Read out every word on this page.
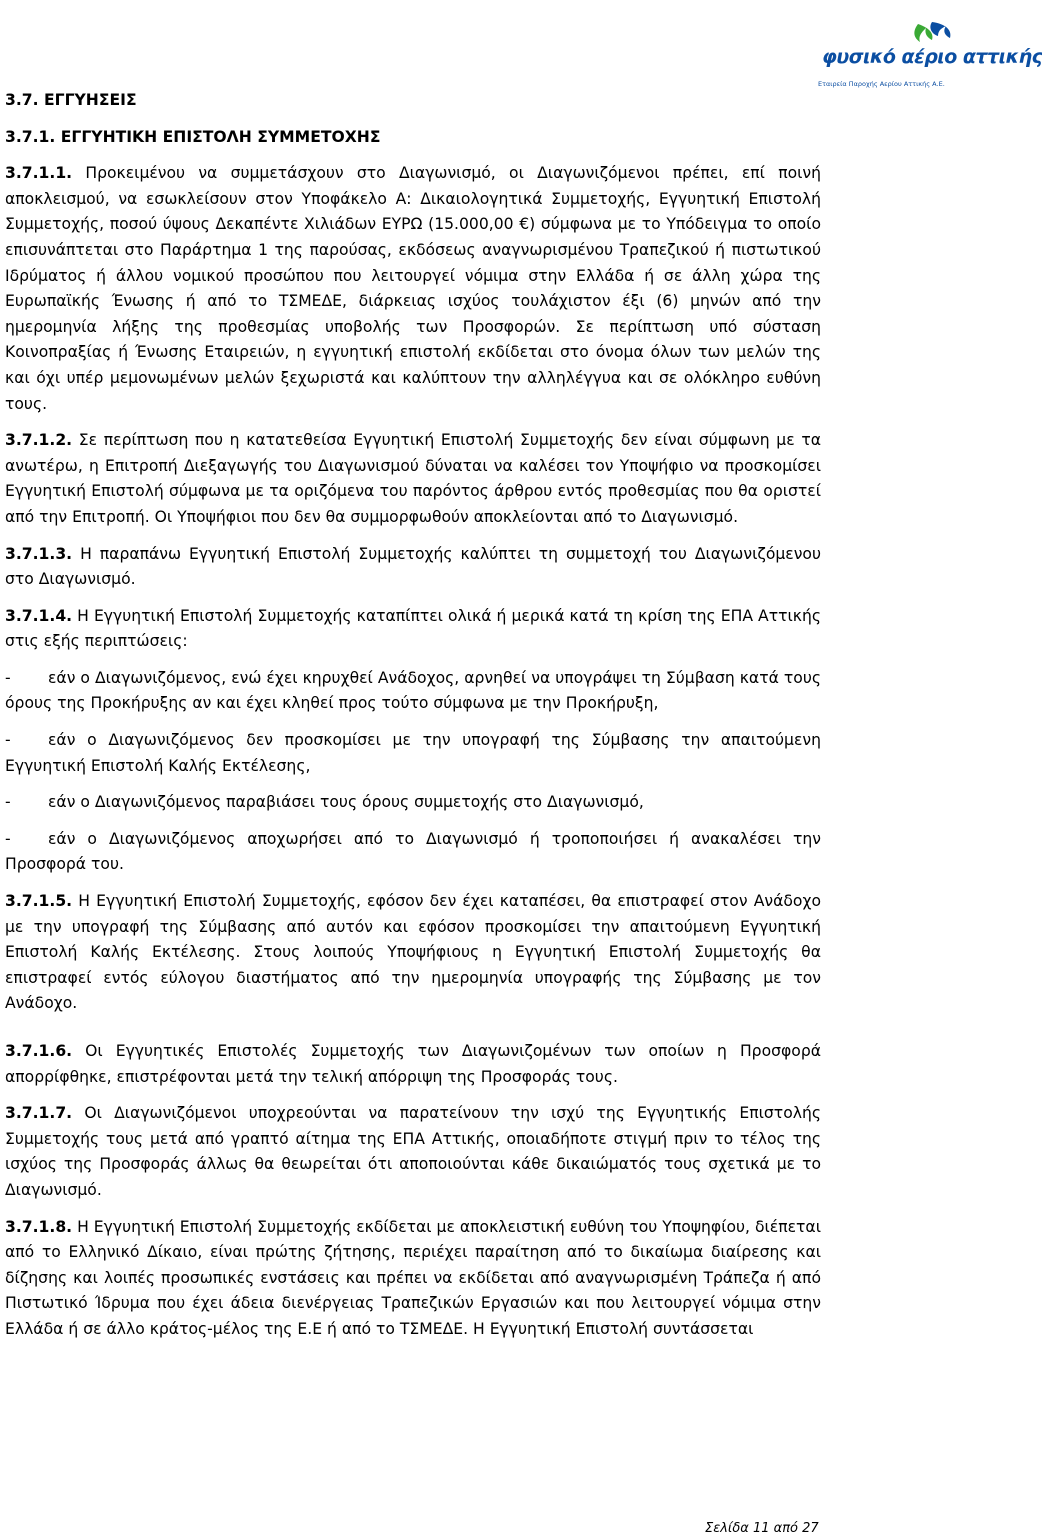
φυσικό αέριο αττικής
Εταιρεία Παροχής Αερίου Αττικής Α.Ε.
3.7. ΕΓΓΥΗΣΕΙΣ
3.7.1. ΕΓΓΥΗΤΙΚΗ ΕΠΙΣΤΟΛΗ ΣΥΜΜΕΤΟΧΗΣ

3.7.1.1. Προκειμένου να συμμετάσχουν στο Διαγωνισμό, οι Διαγωνιζόμενοι πρέπει, επί ποινή αποκλεισμού, να εσωκλείσουν στον Υποφάκελο Α: Δικαιολογητικά Συμμετοχής, Εγγυητική Επιστολή Συμμετοχής, ποσού ύψους Δεκαπέντε Χιλιάδων ΕΥΡΩ (15.000,00 €) σύμφωνα με το Υπόδειγμα το οποίο επισυνάπτεται στο Παράρτημα 1 της παρούσας, εκδόσεως αναγνωρισμένου Τραπεζικού ή πιστωτικού Ιδρύματος ή άλλου νομικού προσώπου που λειτουργεί νόμιμα στην Ελλάδα ή σε άλλη χώρα της Ευρωπαϊκής Ένωσης ή από το ΤΣΜΕΔΕ, διάρκειας ισχύος τουλάχιστον έξι (6) μηνών από την ημερομηνία λήξης της προθεσμίας υποβολής των Προσφορών. Σε περίπτωση υπό σύσταση Κοινοπραξίας ή Ένωσης Εταιρειών, η εγγυητική επιστολή εκδίδεται στο όνομα όλων των μελών της και όχι υπέρ μεμονωμένων μελών ξεχωριστά και καλύπτουν την αλληλέγγυα και σε ολόκληρο ευθύνη τους.

3.7.1.2. Σε περίπτωση που η κατατεθείσα Εγγυητική Επιστολή Συμμετοχής δεν είναι σύμφωνη με τα ανωτέρω, η Επιτροπή Διεξαγωγής του Διαγωνισμού δύναται να καλέσει τον Υποψήφιο να προσκομίσει Εγγυητική Επιστολή σύμφωνα με τα οριζόμενα του παρόντος άρθρου εντός προθεσμίας που θα οριστεί από την Επιτροπή. Οι Υποψήφιοι που δεν θα συμμορφωθούν αποκλείονται από το Διαγωνισμό.

3.7.1.3. Η παραπάνω Εγγυητική Επιστολή Συμμετοχής καλύπτει τη συμμετοχή του Διαγωνιζόμενου στο Διαγωνισμό.

3.7.1.4. Η Εγγυητική Επιστολή Συμμετοχής καταπίπτει ολικά ή μερικά κατά τη κρίση της ΕΠΑ Αττικής στις εξής περιπτώσεις:

- εάν ο Διαγωνιζόμενος, ενώ έχει κηρυχθεί Ανάδοχος, αρνηθεί να υπογράψει τη Σύμβαση κατά τους όρους της Προκήρυξης αν και έχει κληθεί προς τούτο σύμφωνα με την Προκήρυξη,
- εάν ο Διαγωνιζόμενος δεν προσκομίσει με την υπογραφή της Σύμβασης την απαιτούμενη Εγγυητική Επιστολή Καλής Εκτέλεσης,
- εάν ο Διαγωνιζόμενος παραβιάσει τους όρους συμμετοχής στο Διαγωνισμό,
- εάν ο Διαγωνιζόμενος αποχωρήσει από το Διαγωνισμό ή τροποποιήσει ή ανακαλέσει την Προσφορά του.

3.7.1.5. Η Εγγυητική Επιστολή Συμμετοχής, εφόσον δεν έχει καταπέσει, θα επιστραφεί στον Ανάδοχο με την υπογραφή της Σύμβασης από αυτόν και εφόσον προσκομίσει την απαιτούμενη Εγγυητική Επιστολή Καλής Εκτέλεσης. Στους λοιπούς Υποψήφιους η Εγγυητική Επιστολή Συμμετοχής θα επιστραφεί εντός εύλογου διαστήματος από την ημερομηνία υπογραφής της Σύμβασης με τον Ανάδοχο.

3.7.1.6. Οι Εγγυητικές Επιστολές Συμμετοχής των Διαγωνιζομένων των οποίων η Προσφορά απορρίφθηκε, επιστρέφονται μετά την τελική απόρριψη της Προσφοράς τους.

3.7.1.7. Οι Διαγωνιζόμενοι υποχρεούνται να παρατείνουν την ισχύ της Εγγυητικής Επιστολής Συμμετοχής τους μετά από γραπτό αίτημα της ΕΠΑ Αττικής, οποιαδήποτε στιγμή πριν το τέλος της ισχύος της Προσφοράς άλλως θα θεωρείται ότι αποποιούνται κάθε δικαιώματός τους σχετικά με το Διαγωνισμό.

3.7.1.8. Η Εγγυητική Επιστολή Συμμετοχής εκδίδεται με αποκλειστική ευθύνη του Υποψηφίου, διέπεται από το Ελληνικό Δίκαιο, είναι πρώτης ζήτησης, περιέχει παραίτηση από το δικαίωμα διαίρεσης και δίζησης και λοιπές προσωπικές ενστάσεις και πρέπει να εκδίδεται από αναγνωρισμένη Τράπεζα ή από Πιστωτικό Ίδρυμα που έχει άδεια διενέργειας Τραπεζικών Εργασιών και που λειτουργεί νόμιμα στην Ελλάδα ή σε άλλο κράτος-μέλος της Ε.Ε ή από το ΤΣΜΕΔΕ. Η Εγγυητική Επιστολή συντάσσεται

Σελίδα 11 από 27
